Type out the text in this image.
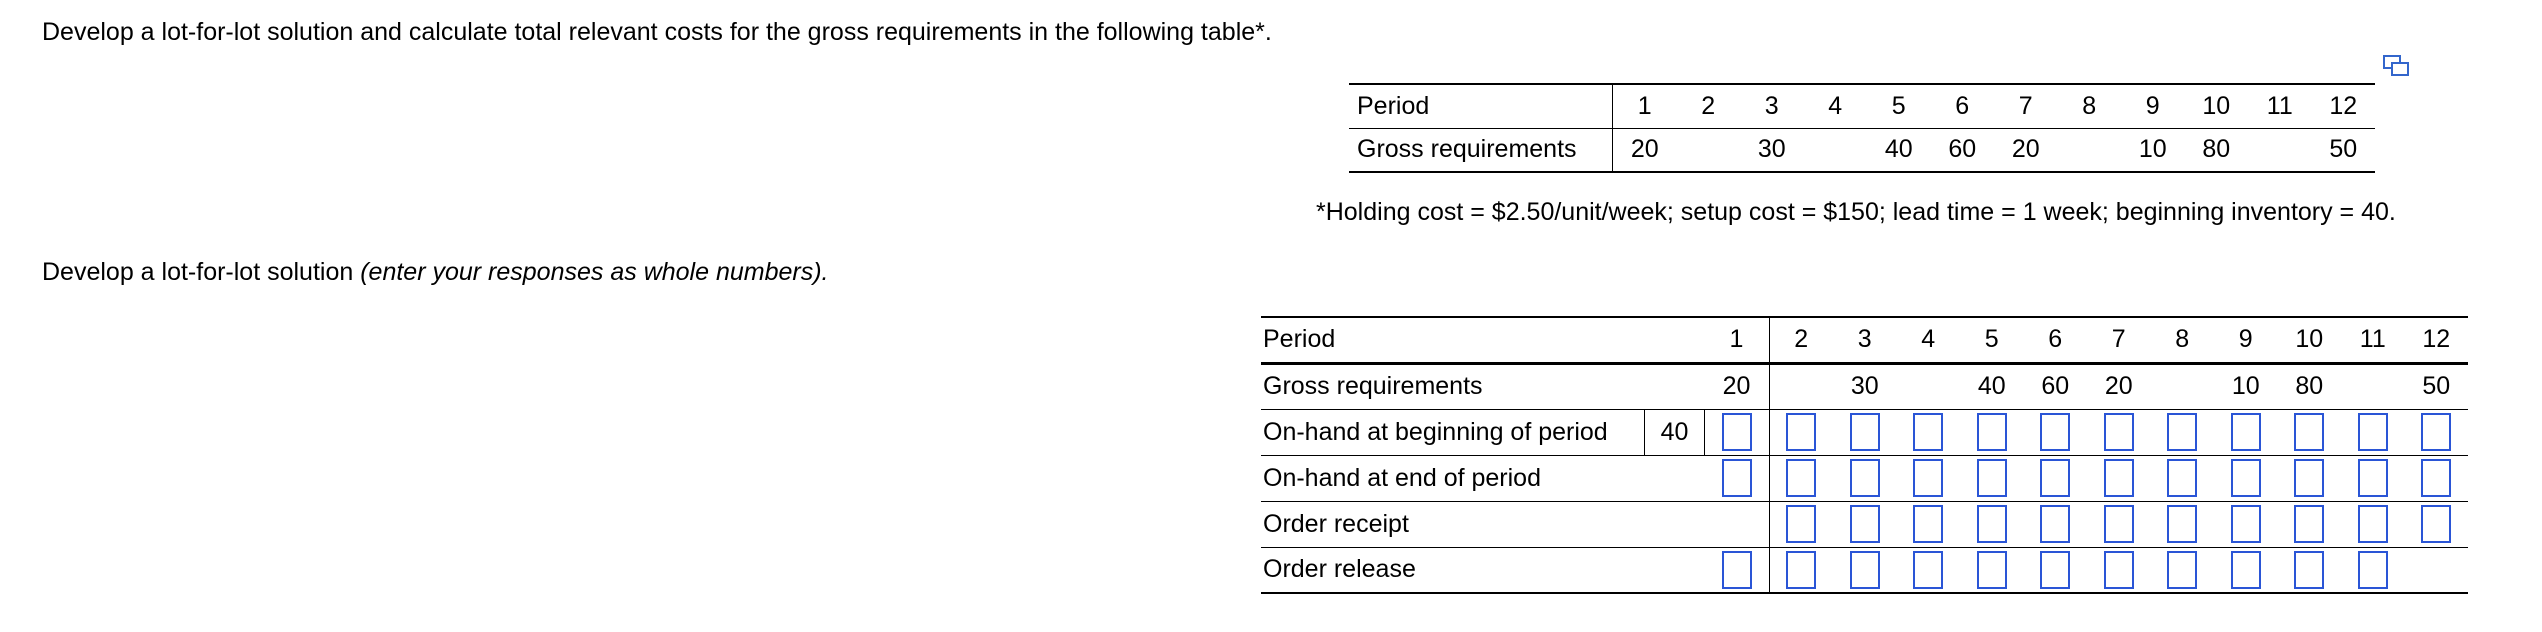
Develop a lot-for-lot solution and calculate total relevant costs for the gross requirements in the following table*.
Period	1	2	3	4	5	6	7	8	9	10	11	12
Gross requirements	20		30		40	60	20		10	80		50
*Holding cost = $2.50/unit/week; setup cost = $150; lead time = 1 week; beginning inventory = 40.
Develop a lot-for-lot solution (enter your responses as whole numbers).
Period		1	2	3	4	5	6	7	8	9	10	11	12
Gross requirements		20		30		40	60	20		10	80		50
On-hand at beginning of period	40												
On-hand at end of period													
Order receipt													
Order release													
